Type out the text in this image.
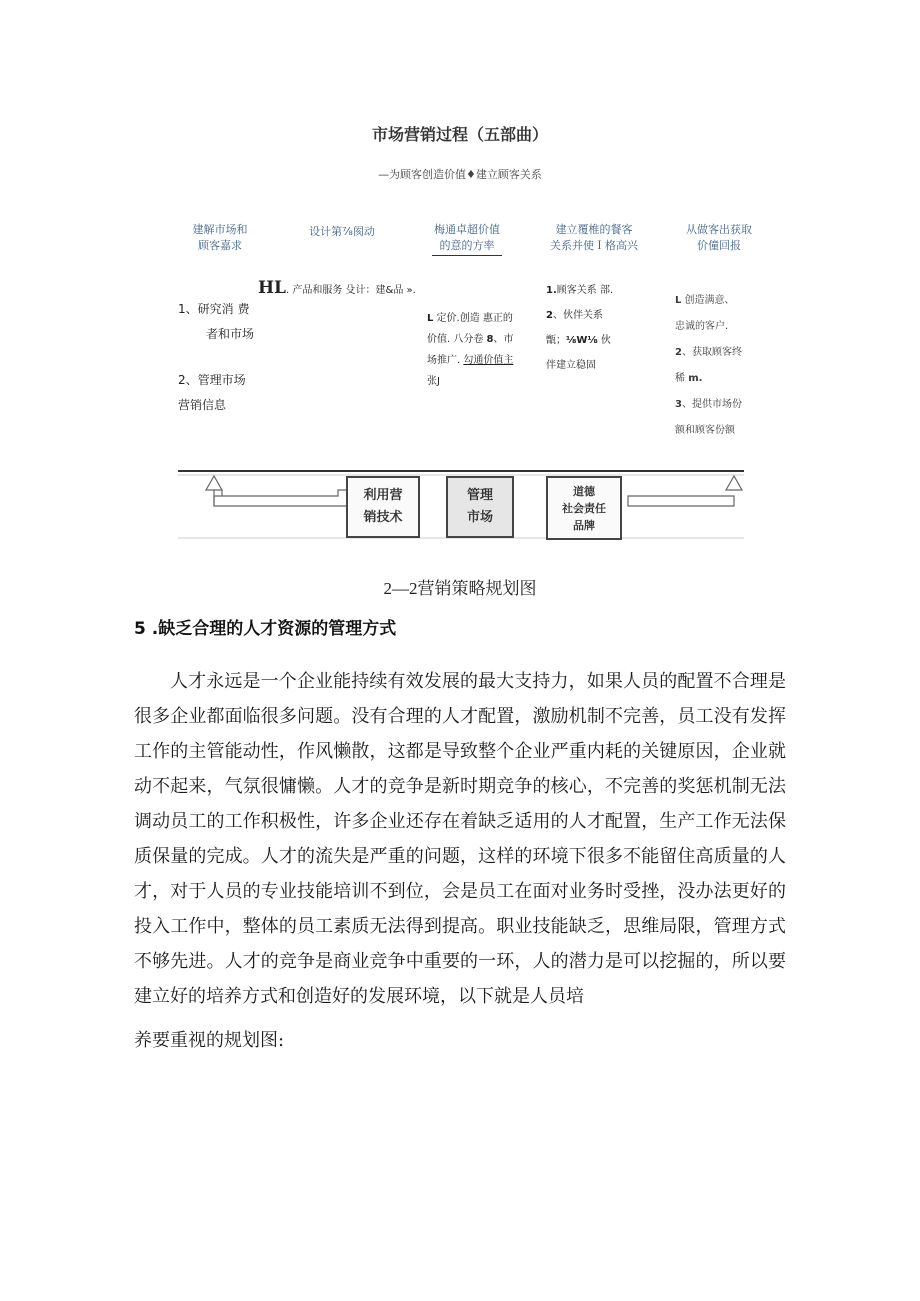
市场营销过程（五部曲）
—为顾客创造价值♦建立顾客关系
建解市场和
顾客嘉求
设计第⅞阂动	梅通卓超价值
的意的方率
建立覆椎的餐客
关系并使Ｉ格高兴
从做客出获取
价僮回报
1、研究消 费
者和市场
2、管理市场
营销信息
HL. 产品和服务 殳计：建&品 ».
L 定价.创造 惠正的
价值. 八分卷 8、市
场推广. 勾通价值主
张J
1.顾客关系 部.
2、伙伴关系
甑；⅛W⅛ 伙
伴建立稳固
L 创造满意、
忠诚的客户.
2、获取顾客终
稀 m.
3、提供市场份
额和顾客份额
利用营
销技术
管理
市场
道德
社会责任
品牌
2—2营销策略规划图
5 .缺乏合理的人才资源的管理方式

人才永远是一个企业能持续有效发展的最大支持力，如果人员的配置不合理是很多企业都面临很多问题。没有合理的人才配置，激励机制不完善，员工没有发挥工作的主管能动性，作风懒散，这都是导致整个企业严重内耗的关键原因，企业就动不起来，气氛很慵懒。人才的竞争是新时期竞争的核心，不完善的奖惩机制无法调动员工的工作积极性，许多企业还存在着缺乏适用的人才配置，生产工作无法保质保量的完成。人才的流失是严重的问题，这样的环境下很多不能留住高质量的人才，对于人员的专业技能培训不到位，会是员工在面对业务时受挫，没办法更好的投入工作中，整体的员工素质无法得到提高。职业技能缺乏，思维局限，管理方式不够先进。人才的竞争是商业竞争中重要的一环，人的潜力是可以挖掘的，所以要建立好的培养方式和创造好的发展环境，以下就是人员培

养要重视的规划图:
